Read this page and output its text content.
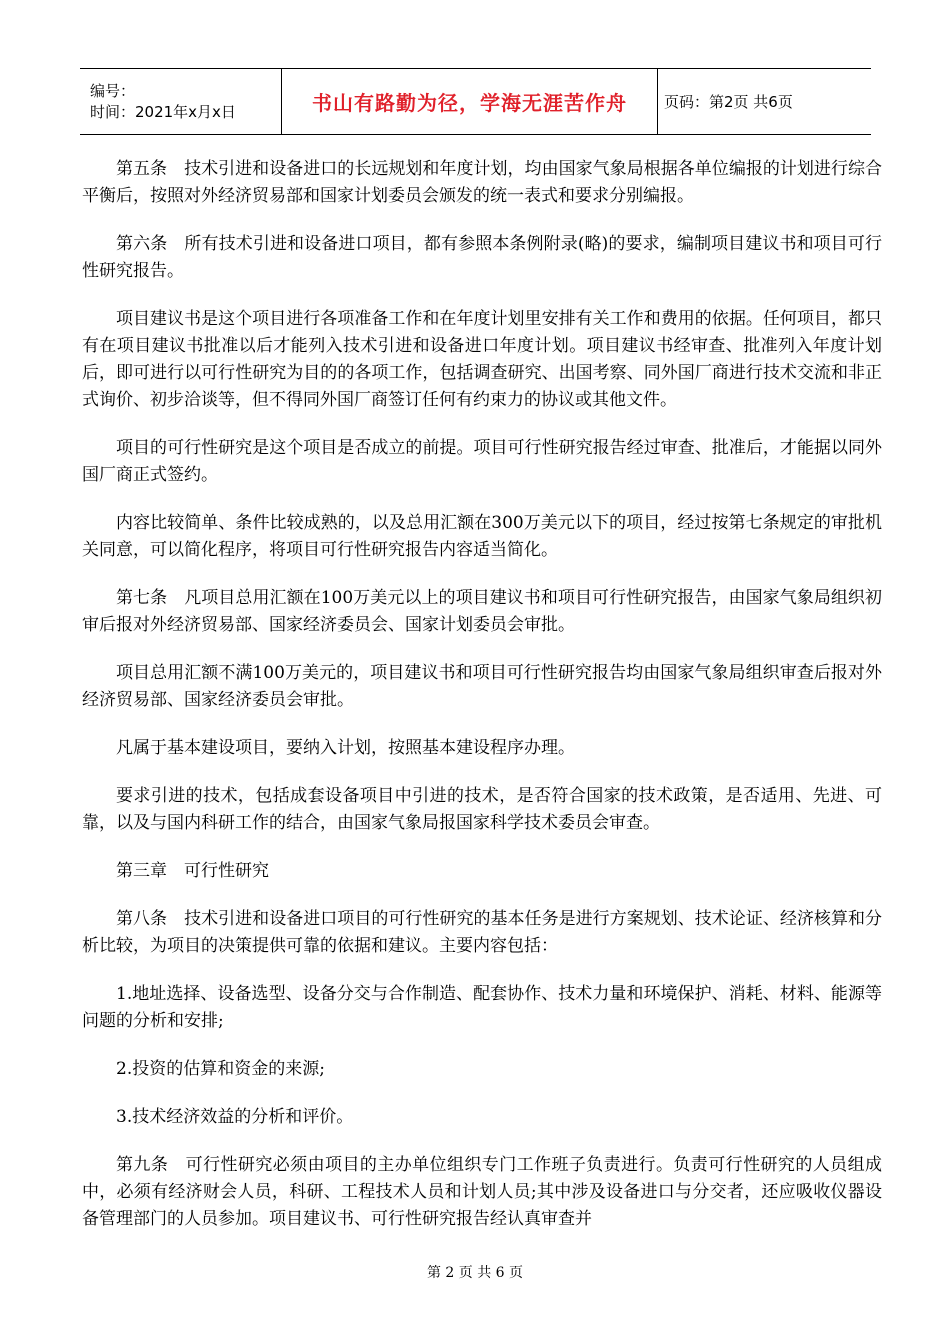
编号：
时间：2021年x月x日	书山有路勤为径，学海无涯苦作舟 页码：第2页 共6页

第五条　技术引进和设备进口的长远规划和年度计划，均由国家气象局根据各单位编报的计划进行综合平衡后，按照对外经济贸易部和国家计划委员会颁发的统一表式和要求分别编报。

第六条　所有技术引进和设备进口项目，都有参照本条例附录(略)的要求，编制项目建议书和项目可行性研究报告。

项目建议书是这个项目进行各项准备工作和在年度计划里安排有关工作和费用的依据。任何项目，都只有在项目建议书批准以后才能列入技术引进和设备进口年度计划。项目建议书经审查、批准列入年度计划后，即可进行以可行性研究为目的的各项工作，包括调查研究、出国考察、同外国厂商进行技术交流和非正式询价、初步洽谈等，但不得同外国厂商签订任何有约束力的协议或其他文件。

项目的可行性研究是这个项目是否成立的前提。项目可行性研究报告经过审查、批准后，才能据以同外国厂商正式签约。

内容比较简单、条件比较成熟的，以及总用汇额在300万美元以下的项目，经过按第七条规定的审批机关同意，可以简化程序，将项目可行性研究报告内容适当简化。

第七条　凡项目总用汇额在100万美元以上的项目建议书和项目可行性研究报告，由国家气象局组织初审后报对外经济贸易部、国家经济委员会、国家计划委员会审批。

项目总用汇额不满100万美元的，项目建议书和项目可行性研究报告均由国家气象局组织审查后报对外经济贸易部、国家经济委员会审批。

凡属于基本建设项目，要纳入计划，按照基本建设程序办理。

要求引进的技术，包括成套设备项目中引进的技术，是否符合国家的技术政策，是否适用、先进、可靠，以及与国内科研工作的结合，由国家气象局报国家科学技术委员会审查。

第三章　可行性研究

第八条　技术引进和设备进口项目的可行性研究的基本任务是进行方案规划、技术论证、经济核算和分析比较，为项目的决策提供可靠的依据和建议。主要内容包括：

1.地址选择、设备选型、设备分交与合作制造、配套协作、技术力量和环境保护、消耗、材料、能源等问题的分析和安排;

2.投资的估算和资金的来源;

3.技术经济效益的分析和评价。

第九条　可行性研究必须由项目的主办单位组织专门工作班子负责进行。负责可行性研究的人员组成中，必须有经济财会人员，科研、工程技术人员和计划人员;其中涉及设备进口与分交者，还应吸收仪器设备管理部门的人员参加。项目建议书、可行性研究报告经认真审查并

第 2 页 共 6 页
